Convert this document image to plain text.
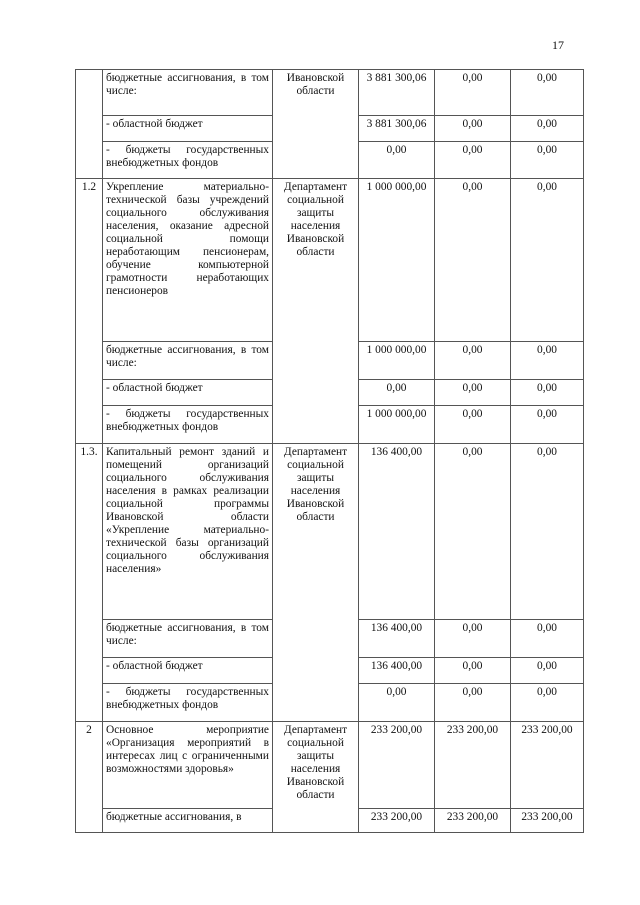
17
	бюджетные ассигнования, в том числе:	Ивановской области	3 881 300,06	0,00	0,00
	- областной бюджет		3 881 300,06	0,00	0,00
	- бюджеты государственных внебюджетных фондов		0,00	0,00	0,00
1.2	Укрепление материально-технической базы учреждений социального обслуживания населения, оказание адресной социальной помощи неработающим пенсионерам, обучение компьютерной грамотности неработающих пенсионеров	Департамент социальной защиты населения Ивановской области	1 000 000,00	0,00	0,00
	бюджетные ассигнования, в том числе:		1 000 000,00	0,00	0,00
	- областной бюджет		0,00	0,00	0,00
	- бюджеты государственных внебюджетных фондов		1 000 000,00	0,00	0,00
1.3.	Капитальный ремонт зданий и помещений организаций социального обслуживания населения в рамках реализации социальной программы Ивановской области «Укрепление материально-технической базы организаций социального обслуживания населения»	Департамент социальной защиты населения Ивановской области	136 400,00	0,00	0,00
	бюджетные ассигнования, в том числе:		136 400,00	0,00	0,00
	- областной бюджет		136 400,00	0,00	0,00
	- бюджеты государственных внебюджетных фондов		0,00	0,00	0,00
2	Основное мероприятие «Организация мероприятий в интересах лиц с ограниченными возможностями здоровья»	Департамент социальной защиты населения Ивановской области	233 200,00	233 200,00	233 200,00
	бюджетные ассигнования, в		233 200,00	233 200,00	233 200,00
